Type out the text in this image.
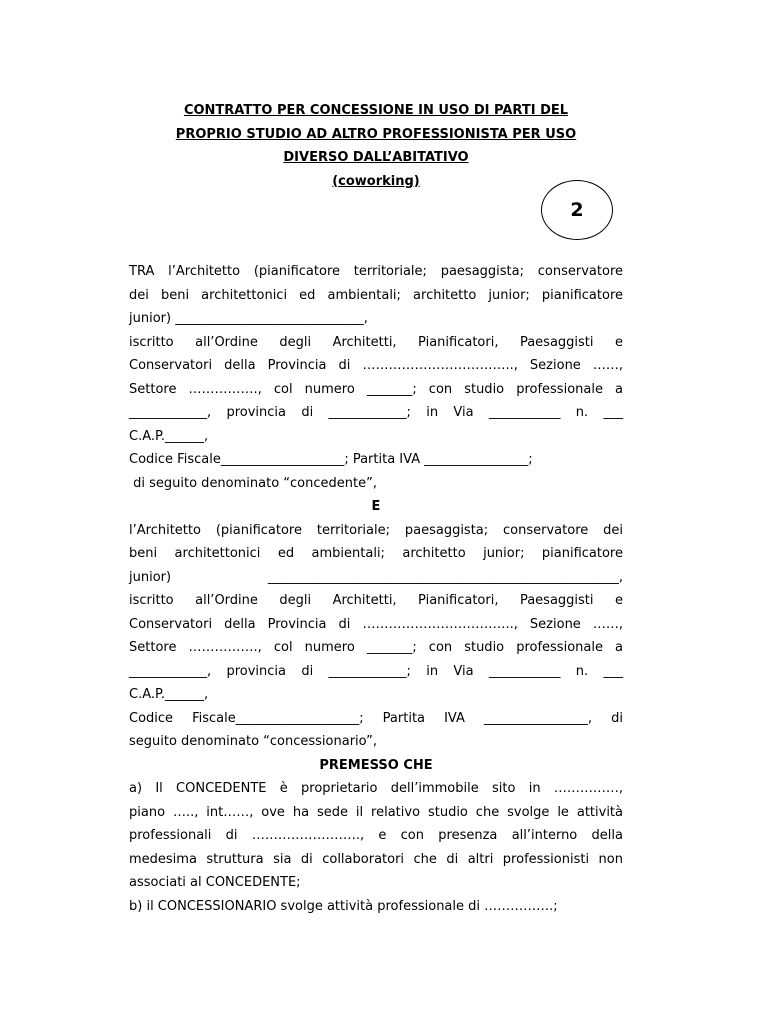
CONTRATTO PER CONCESSIONE IN USO DI PARTI DEL
PROPRIO STUDIO AD ALTRO PROFESSIONISTA PER USO
DIVERSO DALL’ABITATIVO
(coworking)
2

TRA l’Architetto (pianificatore territoriale; paesaggista; conservatore

dei beni architettonici ed ambientali; architetto junior; pianificatore

junior) _____________________________,

iscritto all’Ordine degli Architetti, Pianificatori, Paesaggisti e

Conservatori della Provincia di …………………………….., Sezione ……,

Settore ……………., col numero _______; con studio professionale a

____________, provincia di ____________; in Via ___________ n. ___

C.A.P.______,

Codice Fiscale___________________; Partita IVA ________________;

di seguito denominato “concedente”,

E

l’Architetto (pianificatore territoriale; paesaggista; conservatore dei

beni architettonici ed ambientali; architetto junior; pianificatore

junior) ______________________________________________________,

iscritto all’Ordine degli Architetti, Pianificatori, Paesaggisti e

Conservatori della Provincia di …………………………….., Sezione ……,

Settore ……………., col numero _______; con studio professionale a

____________, provincia di ____________; in Via ___________ n. ___

C.A.P.______,

Codice Fiscale___________________; Partita IVA ________________, di

seguito denominato “concessionario”,

PREMESSO CHE

a) Il CONCEDENTE è proprietario dell’immobile sito in ……………,

piano ….., int……, ove ha sede il relativo studio che svolge le attività

professionali di ……………………., e con presenza all’interno della

medesima struttura sia di collaboratori che di altri professionisti non

associati al CONCEDENTE;

b) il CONCESSIONARIO svolge attività professionale di …………….;
